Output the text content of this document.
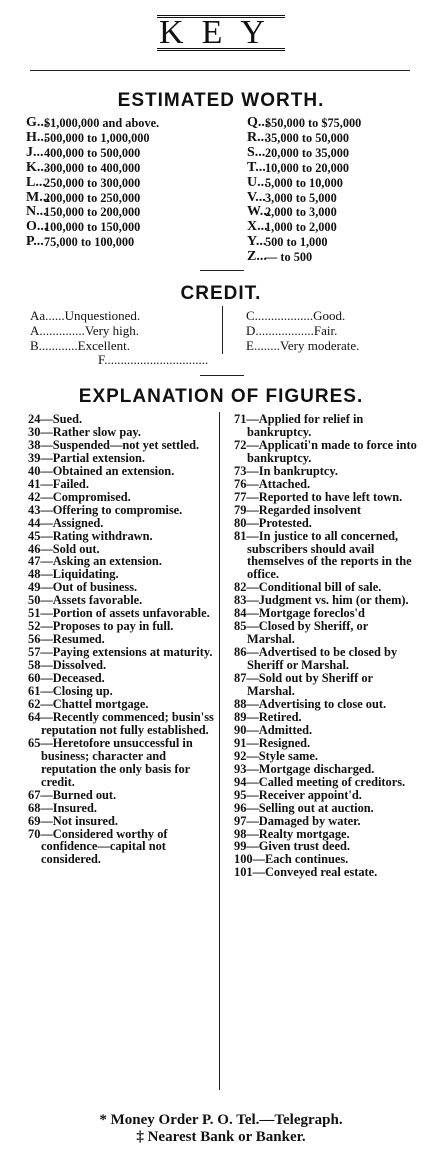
KEY
ESTIMATED WORTH.
G...
$1,000,000 and above.
H...
500,000 to 1,000,000
J... 400,000 to 500,000
K...
300,000 to 400,000
L...
250,000 to 300,000
M...
200,000 to 250,000
N...
150,000 to 200,000
O...
100,000 to 150,000
P... 75,000 to 100,000
Q...
$50,000 to $75,000
R...
35,000 to 50,000
S... 20,000 to 35,000
T... 10,000 to 20,000
U...
5,000 to 10,000
V... 3,000 to 5,000
W...
2,000 to 3,000
X...
1,000 to 2,000
Y...
500 to 1,000
Z...
— to 500
CREDIT.
Aa......Unquestioned.
A..............Very high.
B............Excellent.
C..................Good.
D..................Fair.
E........Very moderate.
F................................
EXPLANATION OF FIGURES.

24—Sued.

30—Rather slow pay.

38—Suspended—not yet settled.

39—Partial extension.

40—Obtained an extension.

41—Failed.

42—Compromised.

43—Offering to compromise.

44—Assigned.

45—Rating withdrawn.

46—Sold out.

47—Asking an extension.

48—Liquidating.

49—Out of business.

50—Assets favorable.

51—Portion of assets unfavorable.

52—Proposes to pay in full.

56—Resumed.

57—Paying extensions at maturity.

58—Dissolved.

60—Deceased.

61—Closing up.

62—Chattel mortgage.

64—Recently commenced; busin'ss reputation not fully established.

65—Heretofore unsuccessful in business; character and reputation the only basis for credit.

67—Burned out.

68—Insured.

69—Not insured.

70—Considered worthy of confidence—capital not considered.

71—Applied for relief in bankruptcy.

72—Applicati'n made to force into bankruptcy.

73—In bankruptcy.

76—Attached.

77—Reported to have left town.

79—Regarded insolvent

80—Protested.

81—In justice to all concerned, subscribers should avail themselves of the reports in the office.

82—Conditional bill of sale.

83—Judgment vs. him (or them).

84—Mortgage foreclos'd

85—Closed by Sheriff, or Marshal.

86—Advertised to be closed by Sheriff or Marshal.

87—Sold out by Sheriff or Marshal.

88—Advertising to close out.

89—Retired.

90—Admitted.

91—Resigned.

92—Style same.

93—Mortgage discharged.

94—Called meeting of creditors.

95—Receiver appoint'd.

96—Selling out at auction.

97—Damaged by water.

98—Realty mortgage.

99—Given trust deed.

100—Each continues.

101—Conveyed real estate.

* Money Order P. O. Tel.—Telegraph.
‡ Nearest Bank or Banker.
